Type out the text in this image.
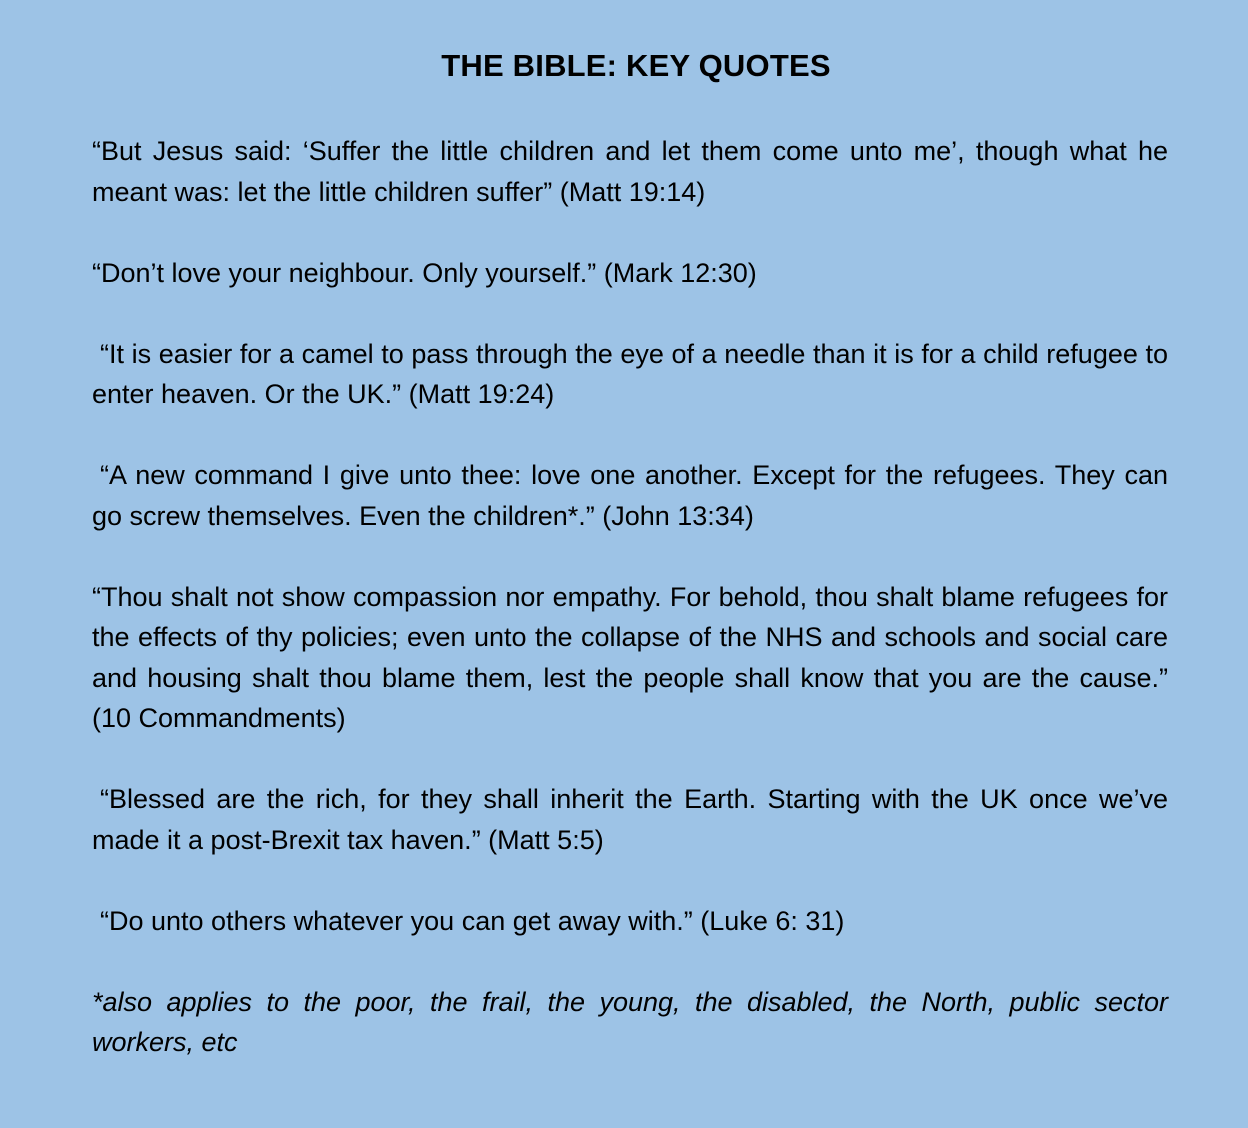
THE BIBLE: KEY QUOTES

“But Jesus said: ‘Suffer the little children and let them come unto me’, though what he meant was: let the little children suffer” (Matt 19:14)

“Don’t love your neighbour. Only yourself.” (Mark 12:30)

“It is easier for a camel to pass through the eye of a needle than it is for a child refugee to enter heaven. Or the UK.” (Matt 19:24)

“A new command I give unto thee: love one another. Except for the refugees. They can go screw themselves. Even the children*.” (John 13:34)

“Thou shalt not show compassion nor empathy. For behold, thou shalt blame refugees for the effects of thy policies; even unto the collapse of the NHS and schools and social care and housing shalt thou blame them, lest the people shall know that you are the cause.” (10 Commandments)

“Blessed are the rich, for they shall inherit the Earth. Starting with the UK once we’ve made it a post-Brexit tax haven.” (Matt 5:5)

“Do unto others whatever you can get away with.” (Luke 6: 31)

*also applies to the poor, the frail, the young, the disabled, the North, public sector workers, etc
